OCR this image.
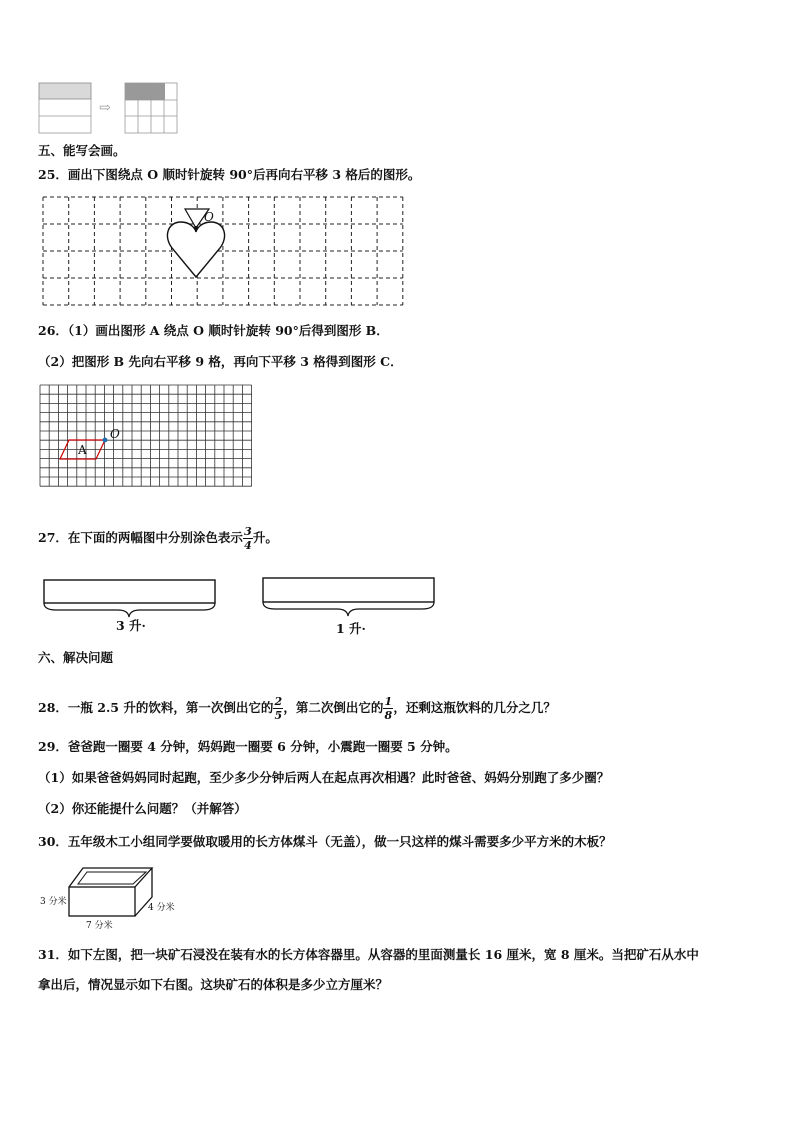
⇨
五、能写会画。
25．画出下图绕点 O 顺时针旋转 90°后再向右平移 3 格后的图形。
O
26．（1）画出图形 A 绕点 O 顺时针旋转 90°后得到图形 B．
（2）把图形 B 先向右平移 9 格，再向下平移 3 格得到图形 C．
A
O
27．在下面的两幅图中分别涂色表示 $\frac{3}{4}$ 升。
3 升·	1 升·
六、解决问题
28．一瓶 2.5 升的饮料，第一次倒出它的 $\frac{2}{5}$ ，第二次倒出它的 $\frac{1}{8}$ ，还剩这瓶饮料的几分之几？
29．爸爸跑一圈要 4 分钟，妈妈跑一圈要 6 分钟，小震跑一圈要 5 分钟。
（1）如果爸爸妈妈同时起跑，至少多少分钟后两人在起点再次相遇？此时爸爸、妈妈分别跑了多少圈？
（2）你还能提什么问题？（并解答）
30．五年级木工小组同学要做取暖用的长方体煤斗（无盖），做一只这样的煤斗需要多少平方米的木板？
3 分米
4 分米
7 分米
31．如下左图，把一块矿石浸没在装有水的长方体容器里。从容器的里面测量长 16 厘米，宽 8 厘米。当把矿石从水中
拿出后，情况显示如下右图。这块矿石的体积是多少立方厘米？
